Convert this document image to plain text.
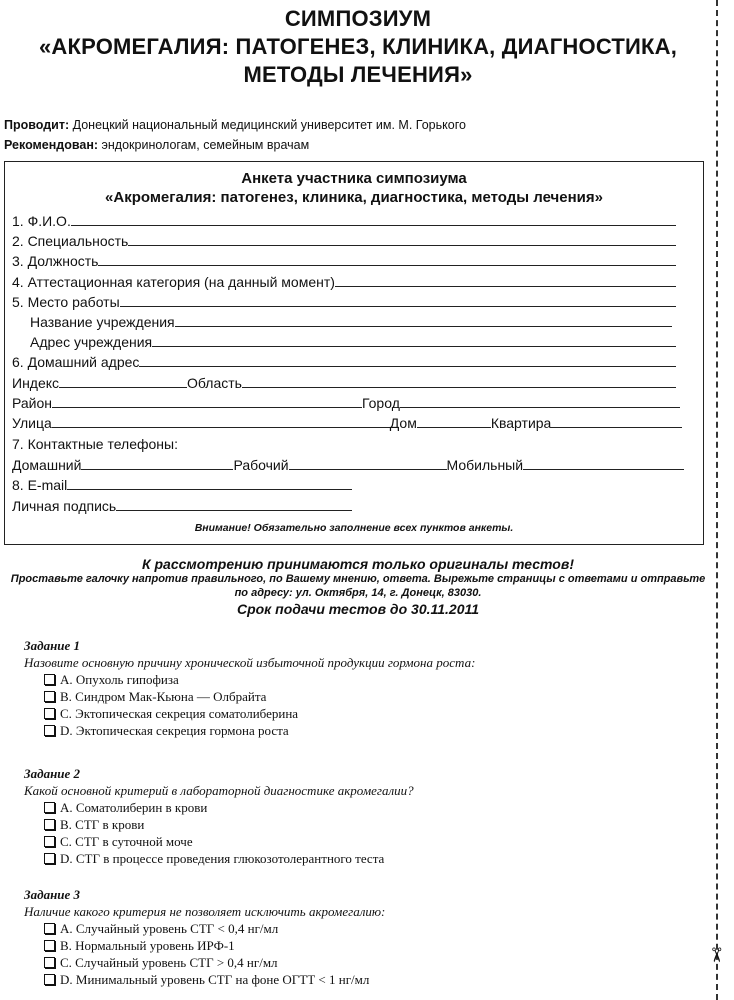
✂
СИМПОЗИУМ
«АКРОМЕГАЛИЯ: ПАТОГЕНЕЗ, КЛИНИКА, ДИАГНОСТИКА,
МЕТОДЫ ЛЕЧЕНИЯ»
Проводит: Донецкий национальный медицинский университет им. М. Горького
Рекомендован: эндокринологам, семейным врачам
Анкета участника симпозиума
«Акромегалия: патогенез, клиника, диагностика, методы лечения»
1. Ф.И.О.
2. Специальность
3. Должность
4. Аттестационная категория (на данный момент)
5. Место работы
Название учреждения
Адрес учреждения
6. Домашний адрес
Индекс	Область
Район	Город
Улица	Дом	Квартира
7. Контактные телефоны:
Домашний	Рабочий	Мобильный
8. E-mail
Личная подпись
Внимание! Обязательно заполнение всех пунктов анкеты.
К рассмотрению принимаются только оригиналы тестов!
Проставьте галочку напротив правильного, по Вашему мнению, ответа. Вырежьте страницы с ответами и отправьте
по адресу: ул. Октября, 14, г. Донецк, 83030.
Срок подачи тестов до 30.11.2011
Задание 1
Назовите основную причину хронической избыточной продукции гормона роста:
A. Опухоль гипофиза
B. Синдром Мак-Кьюна — Олбрайта
C. Эктопическая секреция соматолиберина
D. Эктопическая секреция гормона роста
Задание 2
Какой основной критерий в лабораторной диагностике акромегалии?
A. Соматолиберин в крови
B. СТГ в крови
C. СТГ в суточной моче
D. СТГ в процессе проведения глюкозотолерантного теста
Задание 3
Наличие какого критерия не позволяет исключить акромегалию:
A. Случайный уровень СТГ < 0,4 нг/мл
B. Нормальный уровень ИРФ-1
C. Случайный уровень СТГ > 0,4 нг/мл
D. Минимальный уровень СТГ на фоне ОГТТ < 1 нг/мл
